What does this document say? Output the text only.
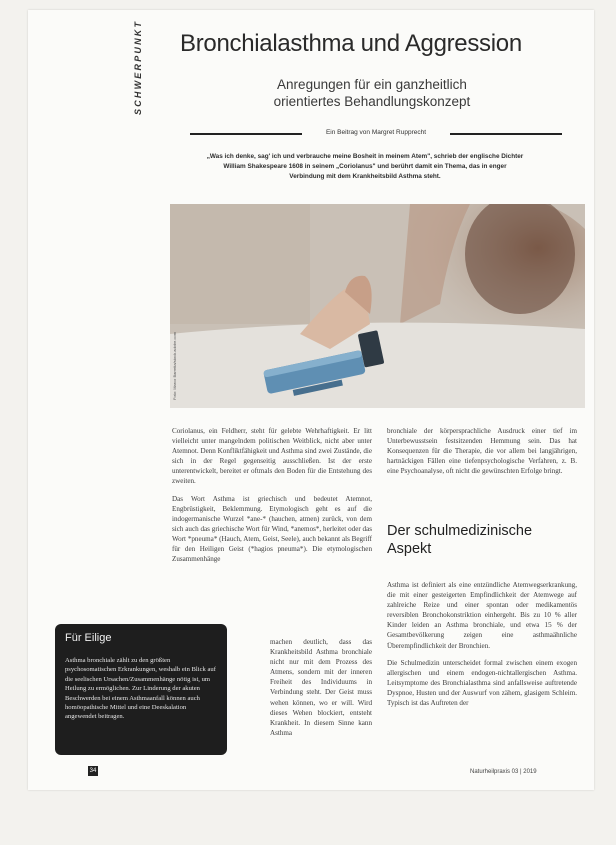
SCHWERPUNKT Bronchialasthma und Aggression
Anregungen für ein ganzheitlich
orientiertes Behandlungskonzept
Ein Beitrag von Margret Rupprecht
„Was ich denke, sag' ich und verbrauche meine Bosheit in meinem Atem", schrieb der englische Dichter
William Shakespeare 1608 in seinem „Coriolanus" und berührt damit ein Thema, das in enger
Verbindung mit dem Krankheitsbild Asthma steht.
Foto: Marco Barretta/stock.adobe.com

Coriolanus, ein Feldherr, steht für gelebte Wehrhaftigkeit. Er litt vielleicht unter mangelndem politischen Weitblick, nicht aber unter Atemnot. Denn Konfliktfähigkeit und Asthma sind zwei Zustände, die sich in der Regel gegenseitig ausschließen. Ist der erste unterentwickelt, bereitet er oftmals den Boden für die Entstehung des zweiten.

Das Wort Asthma ist griechisch und bedeutet Atemnot, Engbrüstigkeit, Beklemmung. Etymologisch geht es auf die indogermanische Wurzel *ane-* (hauchen, atmen) zurück, von dem sich auch das griechische Wort für Wind, *anemos*, herleitet oder das Wort *pneuma* (Hauch, Atem, Geist, Seele), auch bekannt als Begriff für den Heiligen Geist (*hagios pneuma*). Die etymologischen Zusammenhänge

machen deutlich, dass das Krankheitsbild Asthma bronchiale nicht nur mit dem Prozess des Atmens, sondern mit der inneren Freiheit des Individuums in Verbindung steht. Der Geist muss wehen können, wo er will. Wird dieses Wehen blockiert, entsteht Krankheit. In diesem Sinne kann Asthma

bronchiale der körpersprachliche Ausdruck einer tief im Unterbewusstsein festsitzenden Hemmung sein. Das hat Konsequenzen für die Therapie, die vor allem bei langjährigen, hartnäckigen Fällen eine tiefenpsychologische Verfahren, z. B. eine Psychoanalyse, oft nicht die gewünschten Erfolge bringt.

Der schulmedizinische
Aspekt

Asthma ist definiert als eine entzündliche Atemwegserkrankung, die mit einer gesteigerten Empfindlichkeit der Atemwege auf zahlreiche Reize und einer spontan oder medikamentös reversiblen Bronchokonstriktion einhergeht. Bis zu 10 % aller Kinder leiden an Asthma bronchiale, und etwa 15 % der Gesamtbevölkerung zeigen eine asthmaähnliche Überempfindlichkeit der Bronchien.

Die Schulmedizin unterscheidet formal zwischen einem exogen allergischen und einem endogen-nichtallergischen Asthma. Leitsymptome des Bronchialasthma sind anfallsweise auftretende Dyspnoe, Husten und der Auswurf von zähem, glasigem Schleim. Typisch ist das Auftreten der

Für Eilige
Asthma bronchiale zählt zu den größten psychosomatischen Erkrankungen, weshalb ein Blick auf die seelischen Ursachen/Zusammenhänge nötig ist, um Heilung zu ermöglichen. Zur Linderung der akuten Beschwerden bei einem Asthmaanfall können auch homöopathische Mittel und eine Deeskalation angewendet beitragen.
34	Naturheilpraxis 03 | 2019
